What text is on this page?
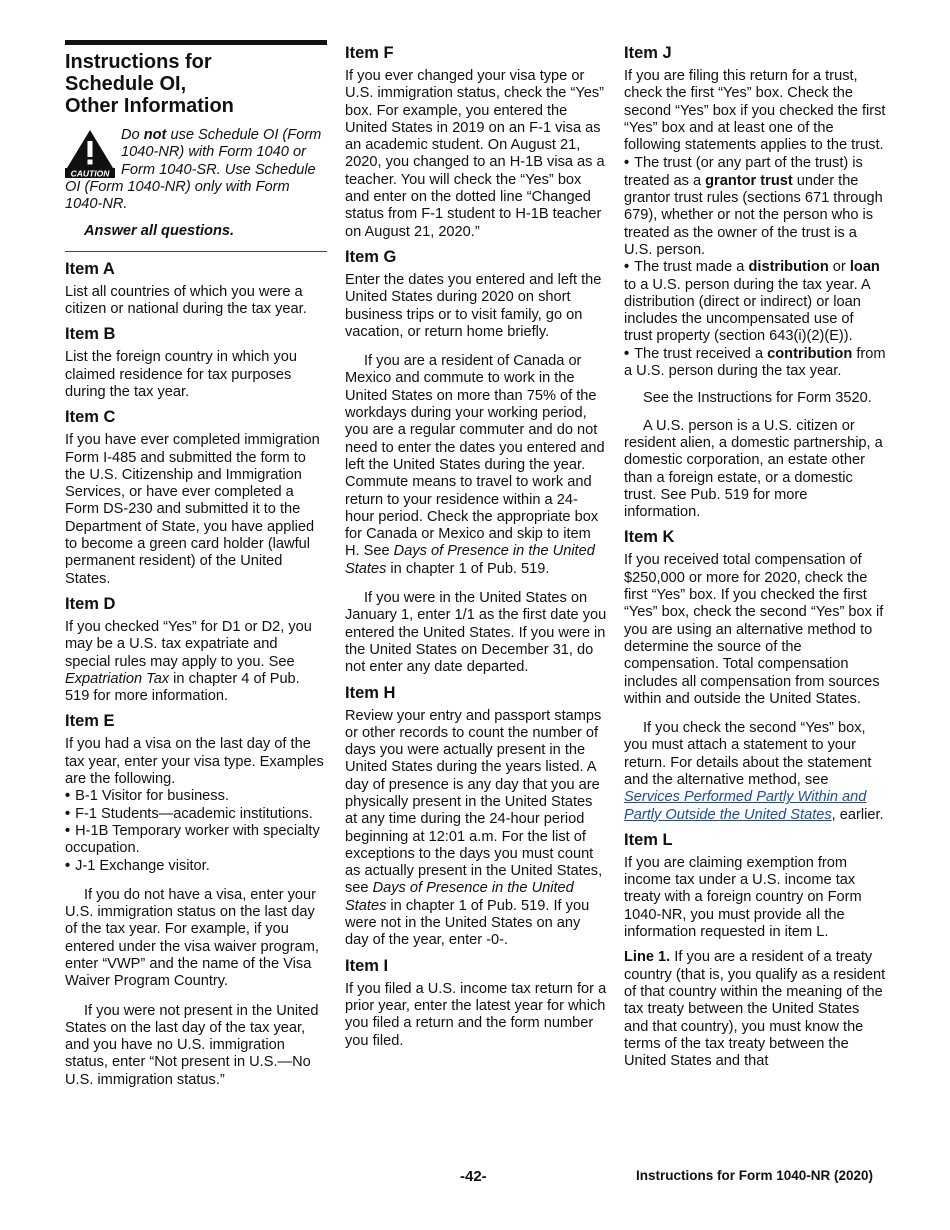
Instructions for
Schedule OI,
Other Information
CAUTION
Do not use Schedule OI (Form 1040-NR) with Form 1040 or Form 1040-SR. Use Schedule OI (Form 1040-NR) only with Form 1040-NR.
Answer all questions.
Item A

List all countries of which you were a citizen or national during the tax year.

Item B

List the foreign country in which you claimed residence for tax purposes during the tax year.

Item C

If you have ever completed immigration Form I-485 and submitted the form to the U.S. Citizenship and Immigration Services, or have ever completed a Form DS-230 and submitted it to the Department of State, you have applied to become a green card holder (lawful permanent resident) of the United States.

Item D

If you checked “Yes” for D1 or D2, you may be a U.S. tax expatriate and special rules may apply to you. See Expatriation Tax in chapter 4 of Pub. 519 for more information.

Item E

If you had a visa on the last day of the tax year, enter your visa type. Examples are the following.

• B-1 Visitor for business.
• F-1 Students—academic institutions.
• H-1B Temporary worker with specialty occupation.
• J-1 Exchange visitor.

If you do not have a visa, enter your U.S. immigration status on the last day of the tax year. For example, if you entered under the visa waiver program, enter “VWP” and the name of the Visa Waiver Program Country.

If you were not present in the United States on the last day of the tax year, and you have no U.S. immigration status, enter “Not present in U.S.—No U.S. immigration status.”

Item F

If you ever changed your visa type or U.S. immigration status, check the “Yes” box. For example, you entered the United States in 2019 on an F-1 visa as an academic student. On August 21, 2020, you changed to an H-1B visa as a teacher. You will check the “Yes” box and enter on the dotted line “Changed status from F-1 student to H-1B teacher on August 21, 2020.”

Item G

Enter the dates you entered and left the United States during 2020 on short business trips or to visit family, go on vacation, or return home briefly.

If you are a resident of Canada or Mexico and commute to work in the United States on more than 75% of the workdays during your working period, you are a regular commuter and do not need to enter the dates you entered and left the United States during the year. Commute means to travel to work and return to your residence within a 24-hour period. Check the appropriate box for Canada or Mexico and skip to item H. See Days of Presence in the United States in chapter 1 of Pub. 519.

If you were in the United States on January 1, enter 1/1 as the first date you entered the United States. If you were in the United States on December 31, do not enter any date departed.

Item H

Review your entry and passport stamps or other records to count the number of days you were actually present in the United States during the years listed. A day of presence is any day that you are physically present in the United States at any time during the 24-hour period beginning at 12:01 a.m. For the list of exceptions to the days you must count as actually present in the United States, see Days of Presence in the United States in chapter 1 of Pub. 519. If you were not in the United States on any day of the year, enter -0-.

Item I

If you filed a U.S. income tax return for a prior year, enter the latest year for which you filed a return and the form number you filed.

Item J

If you are filing this return for a trust, check the first “Yes” box. Check the second “Yes” box if you checked the first “Yes” box and at least one of the following statements applies to the trust.

• The trust (or any part of the trust) is treated as a grantor trust under the grantor trust rules (sections 671 through 679), whether or not the person who is treated as the owner of the trust is a U.S. person.
• The trust made a distribution or loan to a U.S. person during the tax year. A distribution (direct or indirect) or loan includes the uncompensated use of trust property (section 643(i)(2)(E)).
• The trust received a contribution from a U.S. person during the tax year.

See the Instructions for Form 3520.

A U.S. person is a U.S. citizen or resident alien, a domestic partnership, a domestic corporation, an estate other than a foreign estate, or a domestic trust. See Pub. 519 for more information.

Item K

If you received total compensation of $250,000 or more for 2020, check the first “Yes” box. If you checked the first “Yes” box, check the second “Yes” box if you are using an alternative method to determine the source of the compensation. Total compensation includes all compensation from sources within and outside the United States.

If you check the second “Yes” box, you must attach a statement to your return. For details about the statement and the alternative method, see Services Performed Partly Within and Partly Outside the United States, earlier.

Item L

If you are claiming exemption from income tax under a U.S. income tax treaty with a foreign country on Form 1040-NR, you must provide all the information requested in item L.

Line 1. If you are a resident of a treaty country (that is, you qualify as a resident of that country within the meaning of the tax treaty between the United States and that country), you must know the terms of the tax treaty between the United States and that

-42-	Instructions for Form 1040-NR (2020)
